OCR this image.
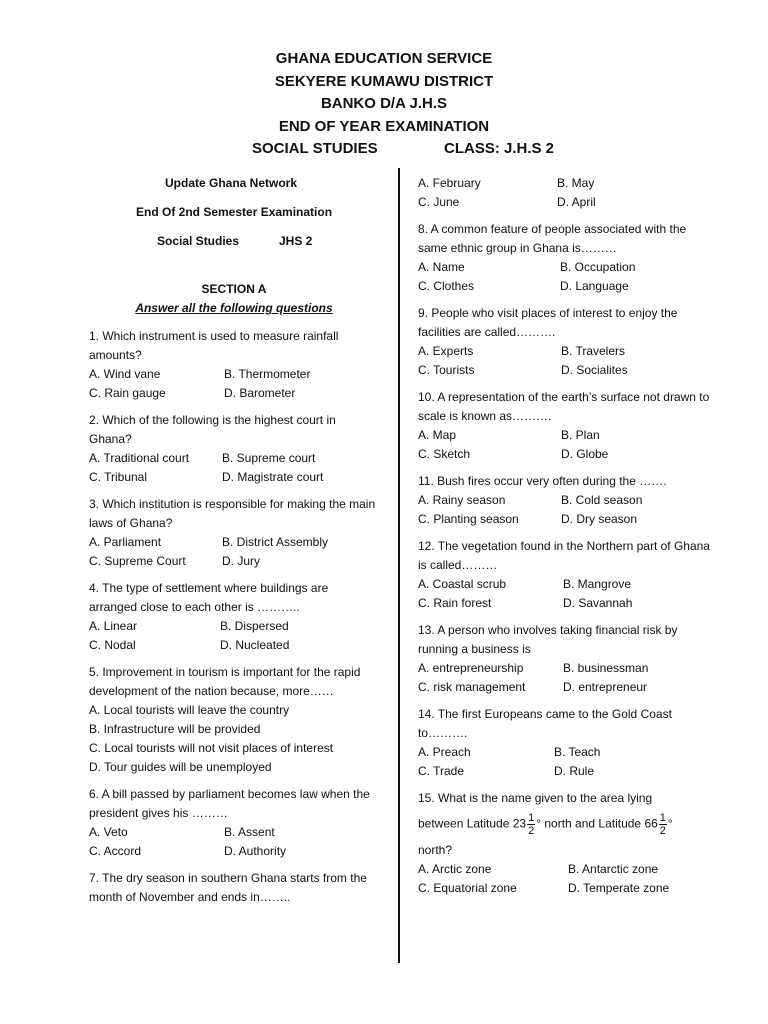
GHANA EDUCATION SERVICE
SEKYERE KUMAWU DISTRICT
BANKO D/A J.H.S
END OF YEAR EXAMINATION
SOCIAL STUDIES	CLASS: J.H.S 2
Update Ghana Network
End Of 2nd Semester Examination
Social Studies	JHS 2
SECTION A
Answer all the following questions
1. Which instrument is used to measure rainfall amounts?
A. Wind vane	B. Thermometer
C. Rain gauge	D. Barometer
2. Which of the following is the highest court in Ghana?
A. Traditional court	B. Supreme court
C. Tribunal	D. Magistrate court
3. Which institution is responsible for making the main laws of Ghana?
A. Parliament	B. District Assembly
C. Supreme Court	D. Jury
4. The type of settlement where buildings are arranged close to each other is ………..
A. Linear	B. Dispersed
C. Nodal	D. Nucleated
5. Improvement in tourism is important for the rapid development of the nation because, more……
A. Local tourists will leave the country
B. Infrastructure will be provided
C. Local tourists will not visit places of interest
D. Tour guides will be unemployed
6. A bill passed by parliament becomes law when the president gives his ………
A. Veto	B. Assent
C. Accord	D. Authority
7. The dry season in southern Ghana starts from the month of November and ends in……..
A. February	B. May
C. June	D. April
8. A common feature of people associated with the same ethnic group in Ghana is………
A. Name	B. Occupation
C. Clothes	D. Language
9. People who visit places of interest to enjoy the facilities are called……….
A. Experts	B. Travelers
C. Tourists	D. Socialites
10. A representation of the earth’s surface not drawn to scale is known as……….
A. Map	B. Plan
C. Sketch	D. Globe
11. Bush fires occur very often during the …….
A. Rainy season	B. Cold season
C. Planting season	D. Dry season
12. The vegetation found in the Northern part of Ghana is called………
A. Coastal scrub	B. Mangrove
C. Rain forest	D. Savannah
13. A person who involves taking financial risk by running a business is
A. entrepreneurship	B. businessman
C. risk management	D. entrepreneur
14. The first Europeans came to the Gold Coast to……….
A. Preach	B. Teach
C. Trade	D. Rule
15. What is the name given to the area lying
between Latitude $23 \frac{1}{2}$ ° north and Latitude $66 \frac{1}{2}$ °
north?
A. Arctic zone	B. Antarctic zone
C. Equatorial zone	D. Temperate zone
